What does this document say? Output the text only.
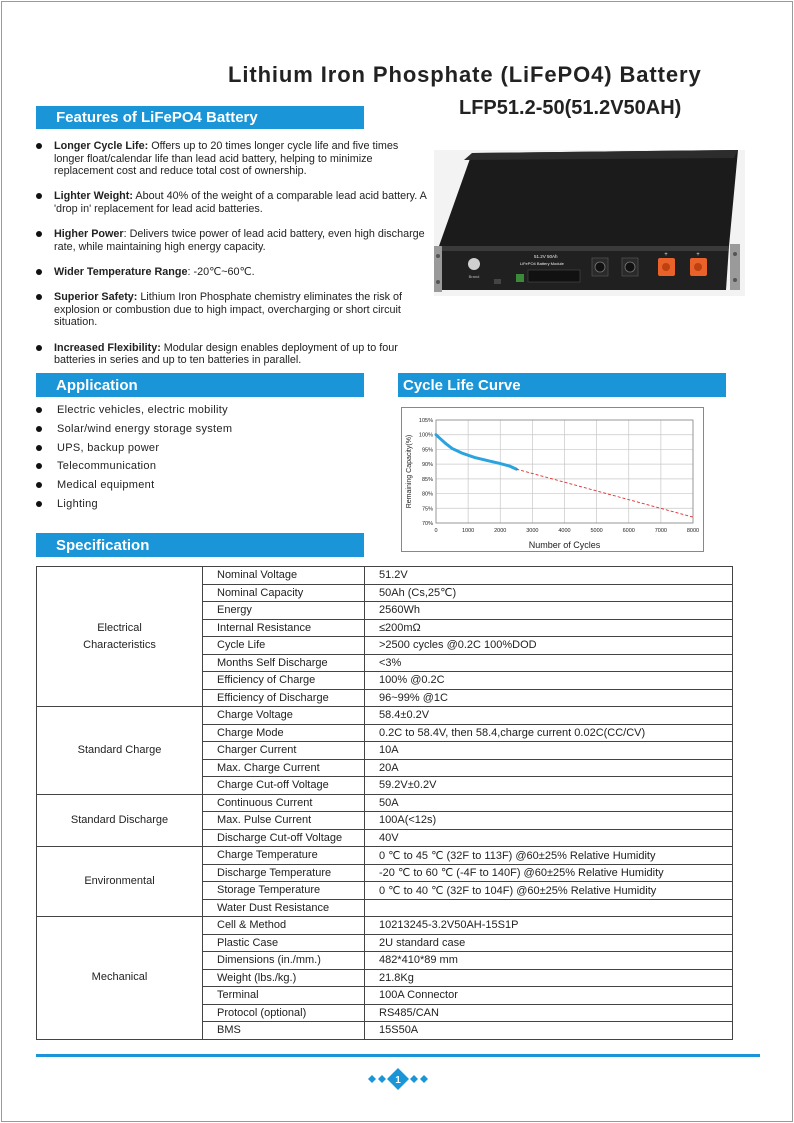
Lithium Iron Phosphate (LiFePO4) Battery
LFP51.2-50(51.2V50AH)
Features of LiFePO4 Battery
Longer Cycle Life: Offers up to 20 times longer cycle life and five times longer float/calendar life than lead acid battery, helping to minimize replacement cost and reduce total cost of ownership.
Lighter Weight: About 40% of the weight of a comparable lead acid battery. A 'drop in' replacement for lead acid batteries.
Higher Power: Delivers twice power of lead acid battery, even high discharge rate, while maintaining high energy capacity.
Wider Temperature Range: -20℃~60℃.
Superior Safety: Lithium Iron Phosphate chemistry eliminates the risk of explosion or combustion due to high impact, overcharging or short circuit situation.
Increased Flexibility: Modular design enables deployment of up to four batteries in series and up to ten batteries in parallel.
Brand
51.2V 50Ah
LiFePO4 Battery Module
+	+
Application
Electric vehicles, electric mobility
Solar/wind energy storage system
UPS, backup power
Telecommunication
Medical equipment
Lighting
Cycle Life Curve
0	1000	2000	3000	4000	5000	6000	7000	8000
105%
100%
95%
90%
85%
80%
75%
70%
Number of Cycles
Remaining Capacity(%)
Specification
Electrical
Characteristics	Nominal Voltage	51.2V
	Nominal Capacity	50Ah (Cs,25℃)
	Energy	2560Wh
	Internal Resistance	≤200mΩ
	Cycle Life	>2500 cycles @0.2C 100%DOD
	Months Self Discharge	<3%
	Efficiency of Charge	100% @0.2C
	Efficiency of Discharge	96~99% @1C
Standard Charge	Charge Voltage	58.4±0.2V
	Charge Mode	0.2C to 58.4V, then 58.4,charge current 0.02C(CC/CV)
	Charger Current	10A
	Max. Charge Current	20A
	Charge Cut-off Voltage	59.2V±0.2V
Standard Discharge	Continuous Current	50A
	Max. Pulse Current	100A(<12s)
	Discharge Cut-off Voltage	40V
Environmental	Charge Temperature	0 ℃ to 45 ℃ (32F to 113F) @60±25% Relative Humidity
	Discharge Temperature	-20 ℃ to 60 ℃ (-4F to 140F) @60±25% Relative Humidity
	Storage Temperature	0 ℃ to 40 ℃ (32F to 104F) @60±25% Relative Humidity
	Water Dust Resistance	
Mechanical	Cell & Method	10213245-3.2V50AH-15S1P
	Plastic Case	2U standard case
	Dimensions (in./mm.)	482*410*89 mm
	Weight (lbs./kg.)	21.8Kg
	Terminal	100A Connector
	Protocol (optional)	RS485/CAN
	BMS	15S50A
1
